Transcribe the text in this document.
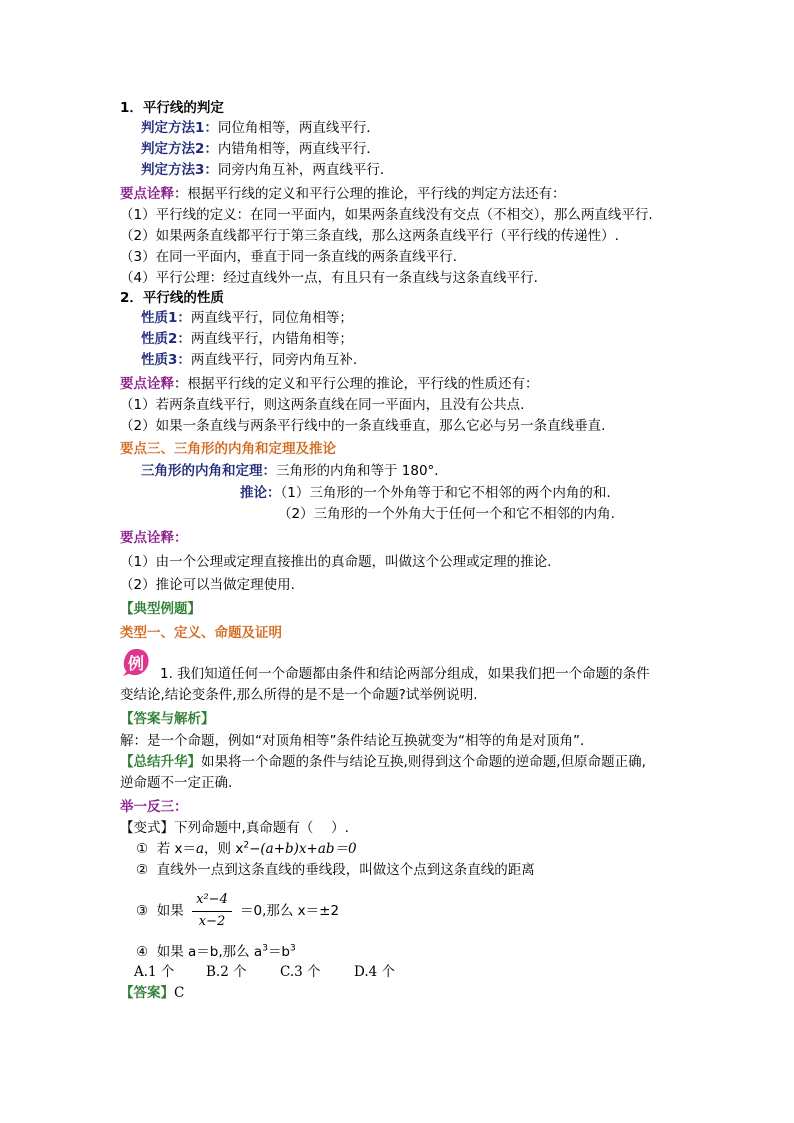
1．平行线的判定
判定方法1：同位角相等，两直线平行．
判定方法2：内错角相等，两直线平行．
判定方法3：同旁内角互补，两直线平行．
要点诠释：根据平行线的定义和平行公理的推论，平行线的判定方法还有：
（1）平行线的定义：在同一平面内，如果两条直线没有交点（不相交），那么两直线平行.
（2）如果两条直线都平行于第三条直线，那么这两条直线平行（平行线的传递性）.
（3）在同一平面内，垂直于同一条直线的两条直线平行.
（4）平行公理：经过直线外一点，有且只有一条直线与这条直线平行.
2．平行线的性质
性质1：两直线平行，同位角相等；
性质2：两直线平行，内错角相等；
性质3：两直线平行，同旁内角互补.
要点诠释：根据平行线的定义和平行公理的推论，平行线的性质还有：
（1）若两条直线平行，则这两条直线在同一平面内，且没有公共点.
（2）如果一条直线与两条平行线中的一条直线垂直，那么它必与另一条直线垂直.
要点三、三角形的内角和定理及推论
三角形的内角和定理：三角形的内角和等于 180°．
推论：（1）三角形的一个外角等于和它不相邻的两个内角的和.
（2）三角形的一个外角大于任何一个和它不相邻的内角.
要点诠释：
（1）由一个公理或定理直接推出的真命题，叫做这个公理或定理的推论.
（2）推论可以当做定理使用.
【典型例题】
类型一、定义、命题及证明
例
1. 我们知道任何一个命题都由条件和结论两部分组成，如果我们把一个命题的条件
变结论,结论变条件,那么所得的是不是一个命题?试举例说明.
【答案与解析】
解：是一个命题，例如“对顶角相等”条件结论互换就变为“相等的角是对顶角”．
【总结升华】如果将一个命题的条件与结论互换,则得到这个命题的逆命题,但原命题正确,
逆命题不一定正确.
举一反三：
【变式】下列命题中,真命题有（　 ）.
① 若 x＝a，则 $x^2-(a+b)x+ab=0$
② 直线外一点到这条直线的垂线段，叫做这个点到这条直线的距离
③ 如果
x²−4
x−2
＝0,那么 x＝±2
④ 如果 a＝b,那么 $a^3=b^3$
A.1 个 B.2 个 C.3 个 D.4 个
【答案】C
